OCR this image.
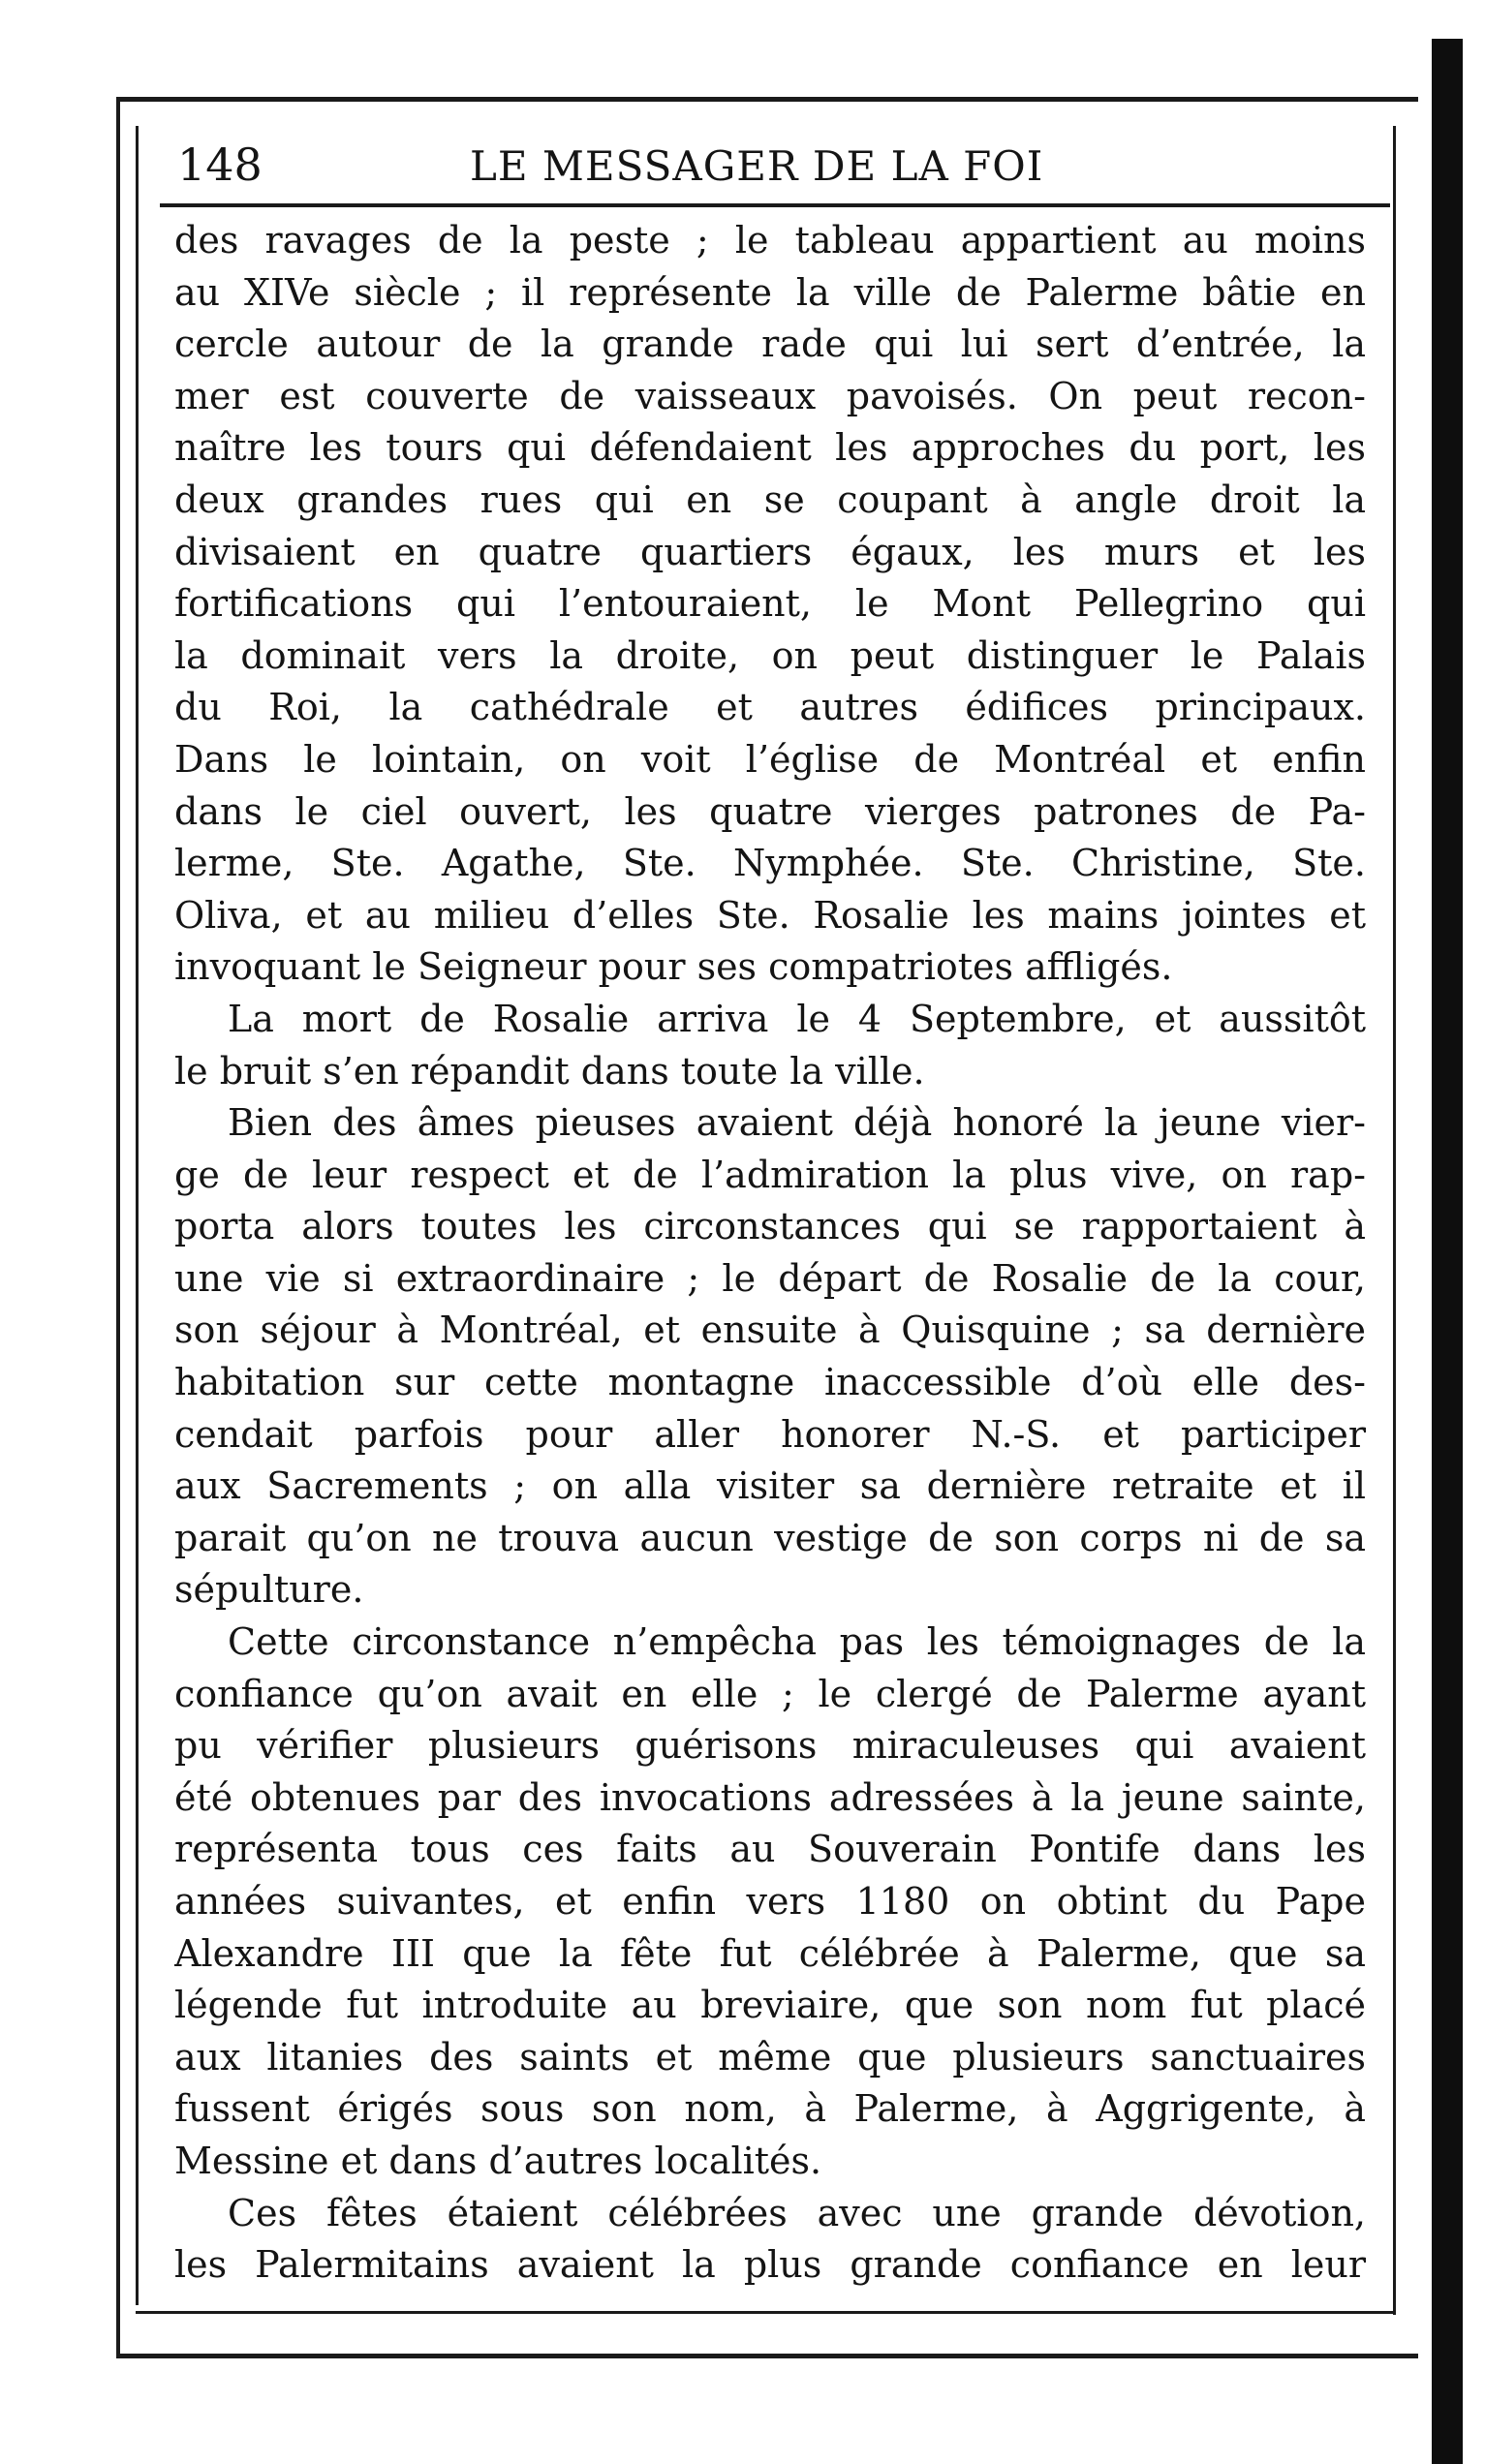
148	LE MESSAGER DE LA FOI
des ravages de la peste ; le tableau appartient au moins
au XIVe siècle ; il représente la ville de Palerme bâtie en
cercle autour de la grande rade qui lui sert d’entrée, la
mer est couverte de vaisseaux pavoisés. On peut recon-
naître les tours qui défendaient les approches du port, les
deux grandes rues qui en se coupant à angle droit la
divisaient en quatre quartiers égaux, les murs et les
fortifications qui l’entouraient, le Mont Pellegrino qui
la dominait vers la droite, on peut distinguer le Palais
du Roi, la cathédrale et autres édifices principaux.
Dans le lointain, on voit l’église de Montréal et enfin
dans le ciel ouvert, les quatre vierges patrones de Pa-
lerme, Ste. Agathe, Ste. Nymphée. Ste. Christine, Ste.
Oliva, et au milieu d’elles Ste. Rosalie les mains jointes et
invoquant le Seigneur pour ses compatriotes affligés.
La mort de Rosalie arriva le 4 Septembre, et aussitôt
le bruit s’en répandit dans toute la ville.
Bien des âmes pieuses avaient déjà honoré la jeune vier-
ge de leur respect et de l’admiration la plus vive, on rap-
porta alors toutes les circonstances qui se rapportaient à
une vie si extraordinaire ; le départ de Rosalie de la cour,
son séjour à Montréal, et ensuite à Quisquine ; sa dernière
habitation sur cette montagne inaccessible d’où elle des-
cendait parfois pour aller honorer N.-S. et participer
aux Sacrements ; on alla visiter sa dernière retraite et il
parait qu’on ne trouva aucun vestige de son corps ni de sa
sépulture.
Cette circonstance n’empêcha pas les témoignages de la
confiance qu’on avait en elle ; le clergé de Palerme ayant
pu vérifier plusieurs guérisons miraculeuses qui avaient
été obtenues par des invocations adressées à la jeune sainte,
représenta tous ces faits au Souverain Pontife dans les
années suivantes, et enfin vers 1180 on obtint du Pape
Alexandre III que la fête fut célébrée à Palerme, que sa
légende fut introduite au breviaire, que son nom fut placé
aux litanies des saints et même que plusieurs sanctuaires
fussent érigés sous son nom, à Palerme, à Aggrigente, à
Messine et dans d’autres localités.
Ces fêtes étaient célébrées avec une grande dévotion,
les Palermitains avaient la plus grande confiance en leur
